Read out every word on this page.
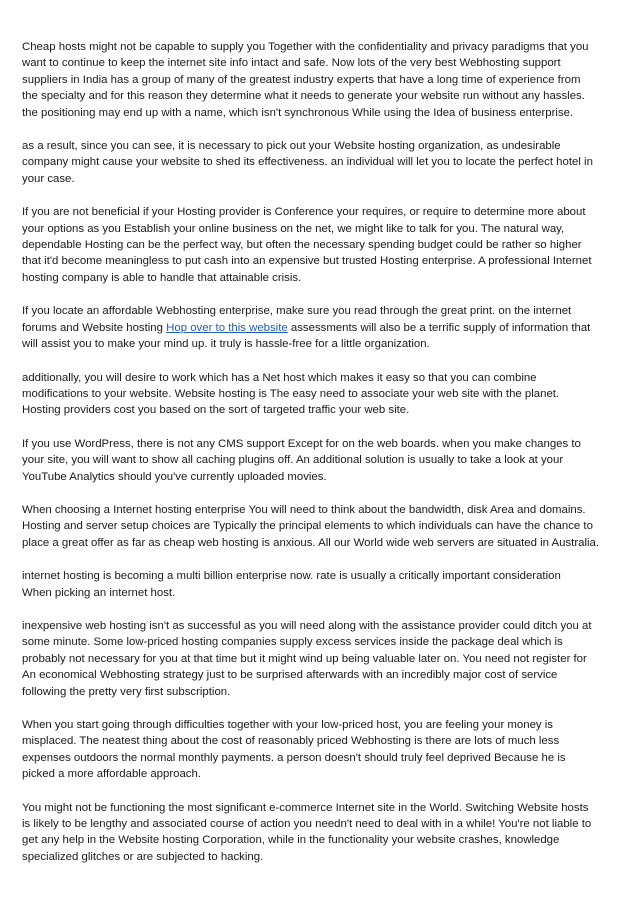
Cheap hosts might not be capable to supply you Together with the confidentiality and privacy paradigms that you
want to continue to keep the internet site info intact and safe. Now lots of the very best Webhosting support
suppliers in India has a group of many of the greatest industry experts that have a long time of experience from
the specialty and for this reason they determine what it needs to generate your website run without any hassles.
the positioning may end up with a name, which isn't synchronous While using the Idea of business enterprise.

as a result, since you can see, it is necessary to pick out your Website hosting organization, as undesirable
company might cause your website to shed its effectiveness. an individual will let you to locate the perfect hotel in
your case.

If you are not beneficial if your Hosting provider is Conference your requires, or require to determine more about
your options as you Establish your online business on the net, we might like to talk for you. The natural way,
dependable Hosting can be the perfect way, but often the necessary spending budget could be rather so higher
that it'd become meaningless to put cash into an expensive but trusted Hosting enterprise. A professional Internet
hosting company is able to handle that attainable crisis.

If you locate an affordable Webhosting enterprise, make sure you read through the great print. on the internet
forums and Website hosting Hop over to this website assessments will also be a terrific supply of information that
will assist you to make your mind up. it truly is hassle-free for a little organization.

additionally, you will desire to work which has a Net host which makes it easy so that you can combine
modifications to your website. Website hosting is The easy need to associate your web site with the planet.
Hosting providers cost you based on the sort of targeted traffic your web site.

If you use WordPress, there is not any CMS support Except for on the web boards. when you make changes to
your site, you will want to show all caching plugins off. An additional solution is usually to take a look at your
YouTube Analytics should you've currently uploaded movies.

When choosing a Internet hosting enterprise You will need to think about the bandwidth, disk Area and domains.
Hosting and server setup choices are Typically the principal elements to which individuals can have the chance to
place a great offer as far as cheap web hosting is anxious. All our World wide web servers are situated in Australia.

internet hosting is becoming a multi billion enterprise now. rate is usually a critically important consideration
When picking an internet host.

inexpensive web hosting isn't as successful as you will need along with the assistance provider could ditch you at
some minute. Some low-priced hosting companies supply excess services inside the package deal which is
probably not necessary for you at that time but it might wind up being valuable later on. You need not register for
An economical Webhosting strategy just to be surprised afterwards with an incredibly major cost of service
following the pretty very first subscription.

When you start going through difficulties together with your low-priced host, you are feeling your money is
misplaced. The neatest thing about the cost of reasonably priced Webhosting is there are lots of much less
expenses outdoors the normal monthly payments. a person doesn't should truly feel deprived Because he is
picked a more affordable approach.

You might not be functioning the most significant e-commerce Internet site in the World. Switching Website hosts
is likely to be lengthy and associated course of action you needn't need to deal with in a while! You're not liable to
get any help in the Website hosting Corporation, while in the functionality your website crashes, knowledge
specialized glitches or are subjected to hacking.
